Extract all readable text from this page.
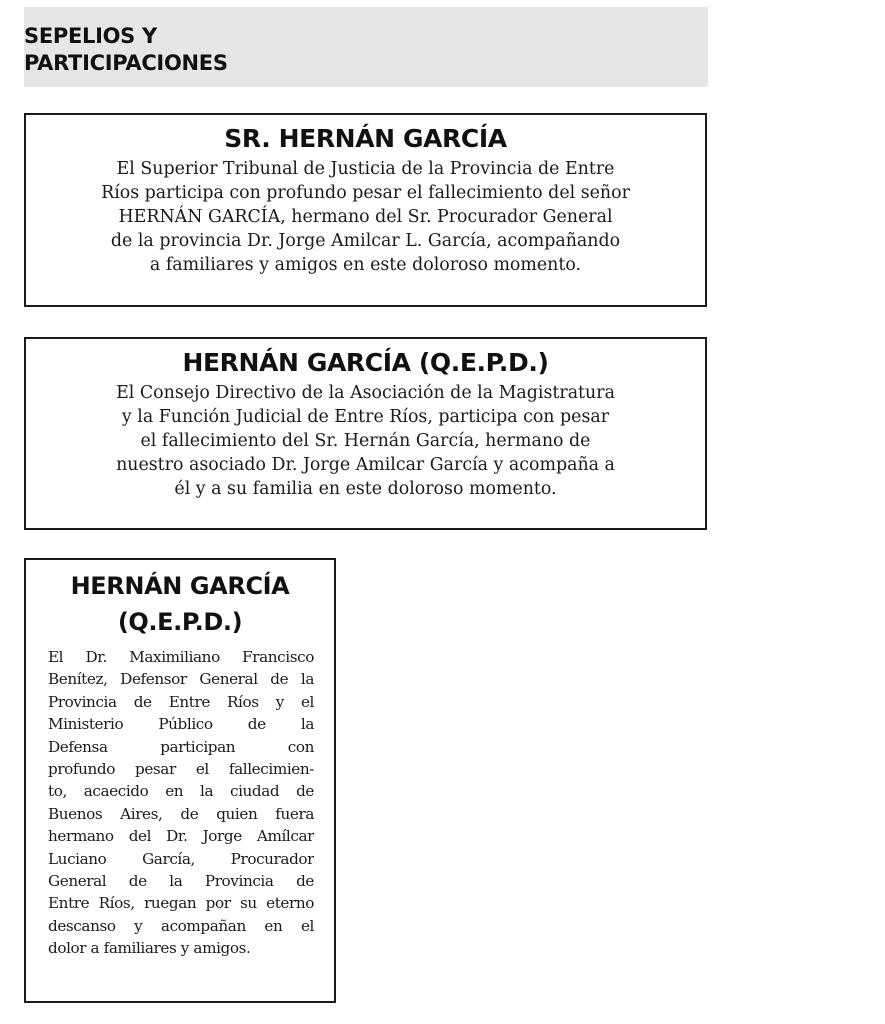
SEPELIOS Y
PARTICIPACIONES
SR. HERNÁN GARCÍA

El Superior Tribunal de Justicia de la Provincia de Entre
Ríos participa con profundo pesar el fallecimiento del señor
HERNÁN GARCÍA, hermano del Sr. Procurador General
de la provincia Dr. Jorge Amilcar L. García, acompañando
a familiares y amigos en este doloroso momento.

HERNÁN GARCÍA (Q.E.P.D.)

El Consejo Directivo de la Asociación de la Magistratura
y la Función Judicial de Entre Ríos, participa con pesar
el fallecimiento del Sr. Hernán García, hermano de
nuestro asociado Dr. Jorge Amilcar García y acompaña a
él y a su familia en este doloroso momento.

HERNÁN GARCÍA
(Q.E.P.D.)

El Dr. Maximiliano Francisco
Benítez, Defensor General de la
Provincia de Entre Ríos y el
Ministerio Público de la
Defensa participan con
profundo pesar el fallecimien-
to, acaecido en la ciudad de
Buenos Aires, de quien fuera
hermano del Dr. Jorge Amílcar
Luciano García, Procurador
General de la Provincia de
Entre Ríos, ruegan por su eterno
descanso y acompañan en el
dolor a familiares y amigos.
